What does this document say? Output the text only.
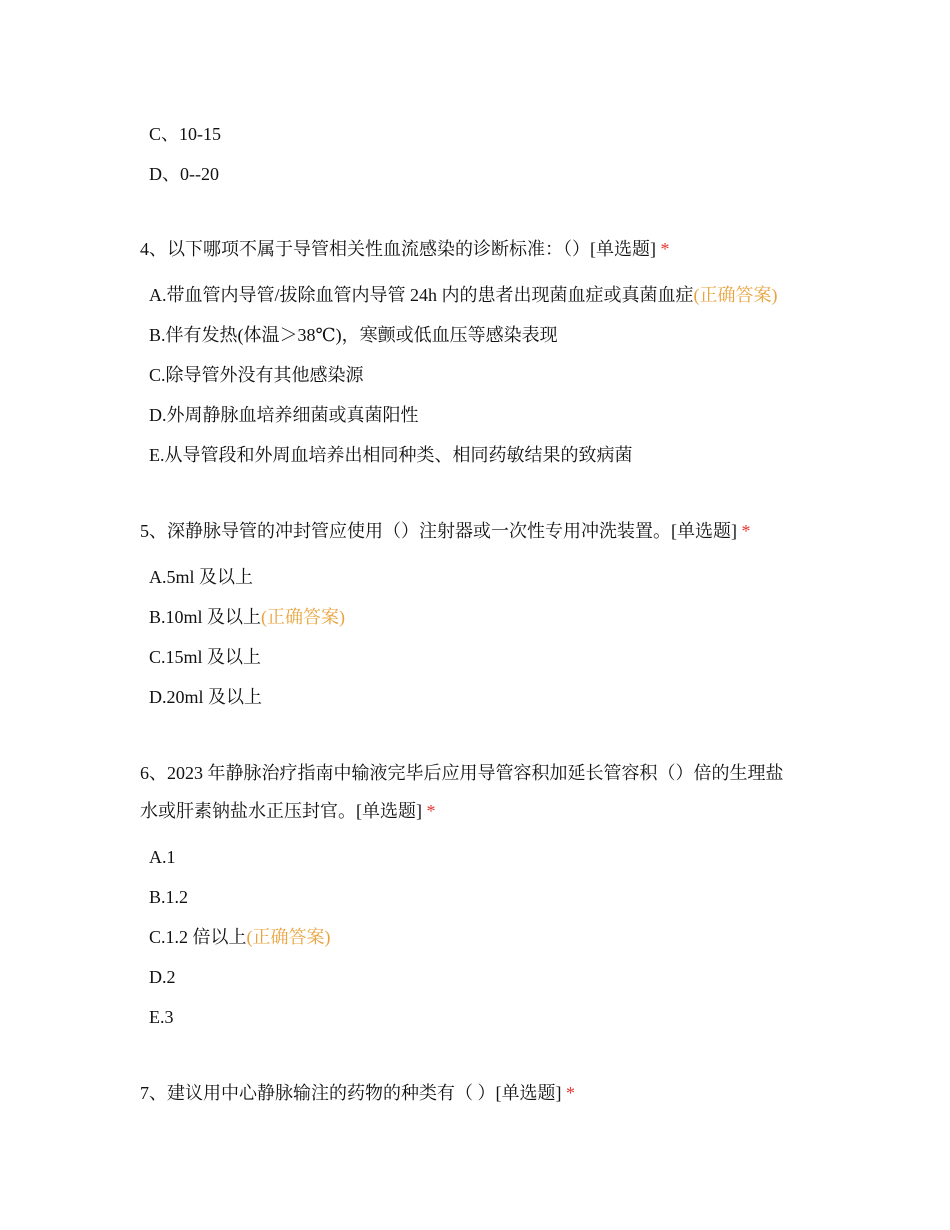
C、10-15
D、0--20
4、以下哪项不属于导管相关性血流感染的诊断标准：（）[单选题] *
A.带血管内导管/拔除血管内导管 24h 内的患者出现菌血症或真菌血症(正确答案)
B.伴有发热(体温＞38℃)，寒颤或低血压等感染表现
C.除导管外没有其他感染源
D.外周静脉血培养细菌或真菌阳性
E.从导管段和外周血培养出相同种类、相同药敏结果的致病菌
5、深静脉导管的冲封管应使用（）注射器或一次性专用冲洗装置。[单选题] *
A.5ml 及以上
B.10ml 及以上(正确答案)
C.15ml 及以上
D.20ml 及以上
6、2023 年静脉治疗指南中输液完毕后应用导管容积加延长管容积（）倍的生理盐
水或肝素钠盐水正压封官。[单选题] *
A.1
B.1.2
C.1.2 倍以上(正确答案)
D.2
E.3
7、建议用中心静脉输注的药物的种类有（ ）[单选题] *
